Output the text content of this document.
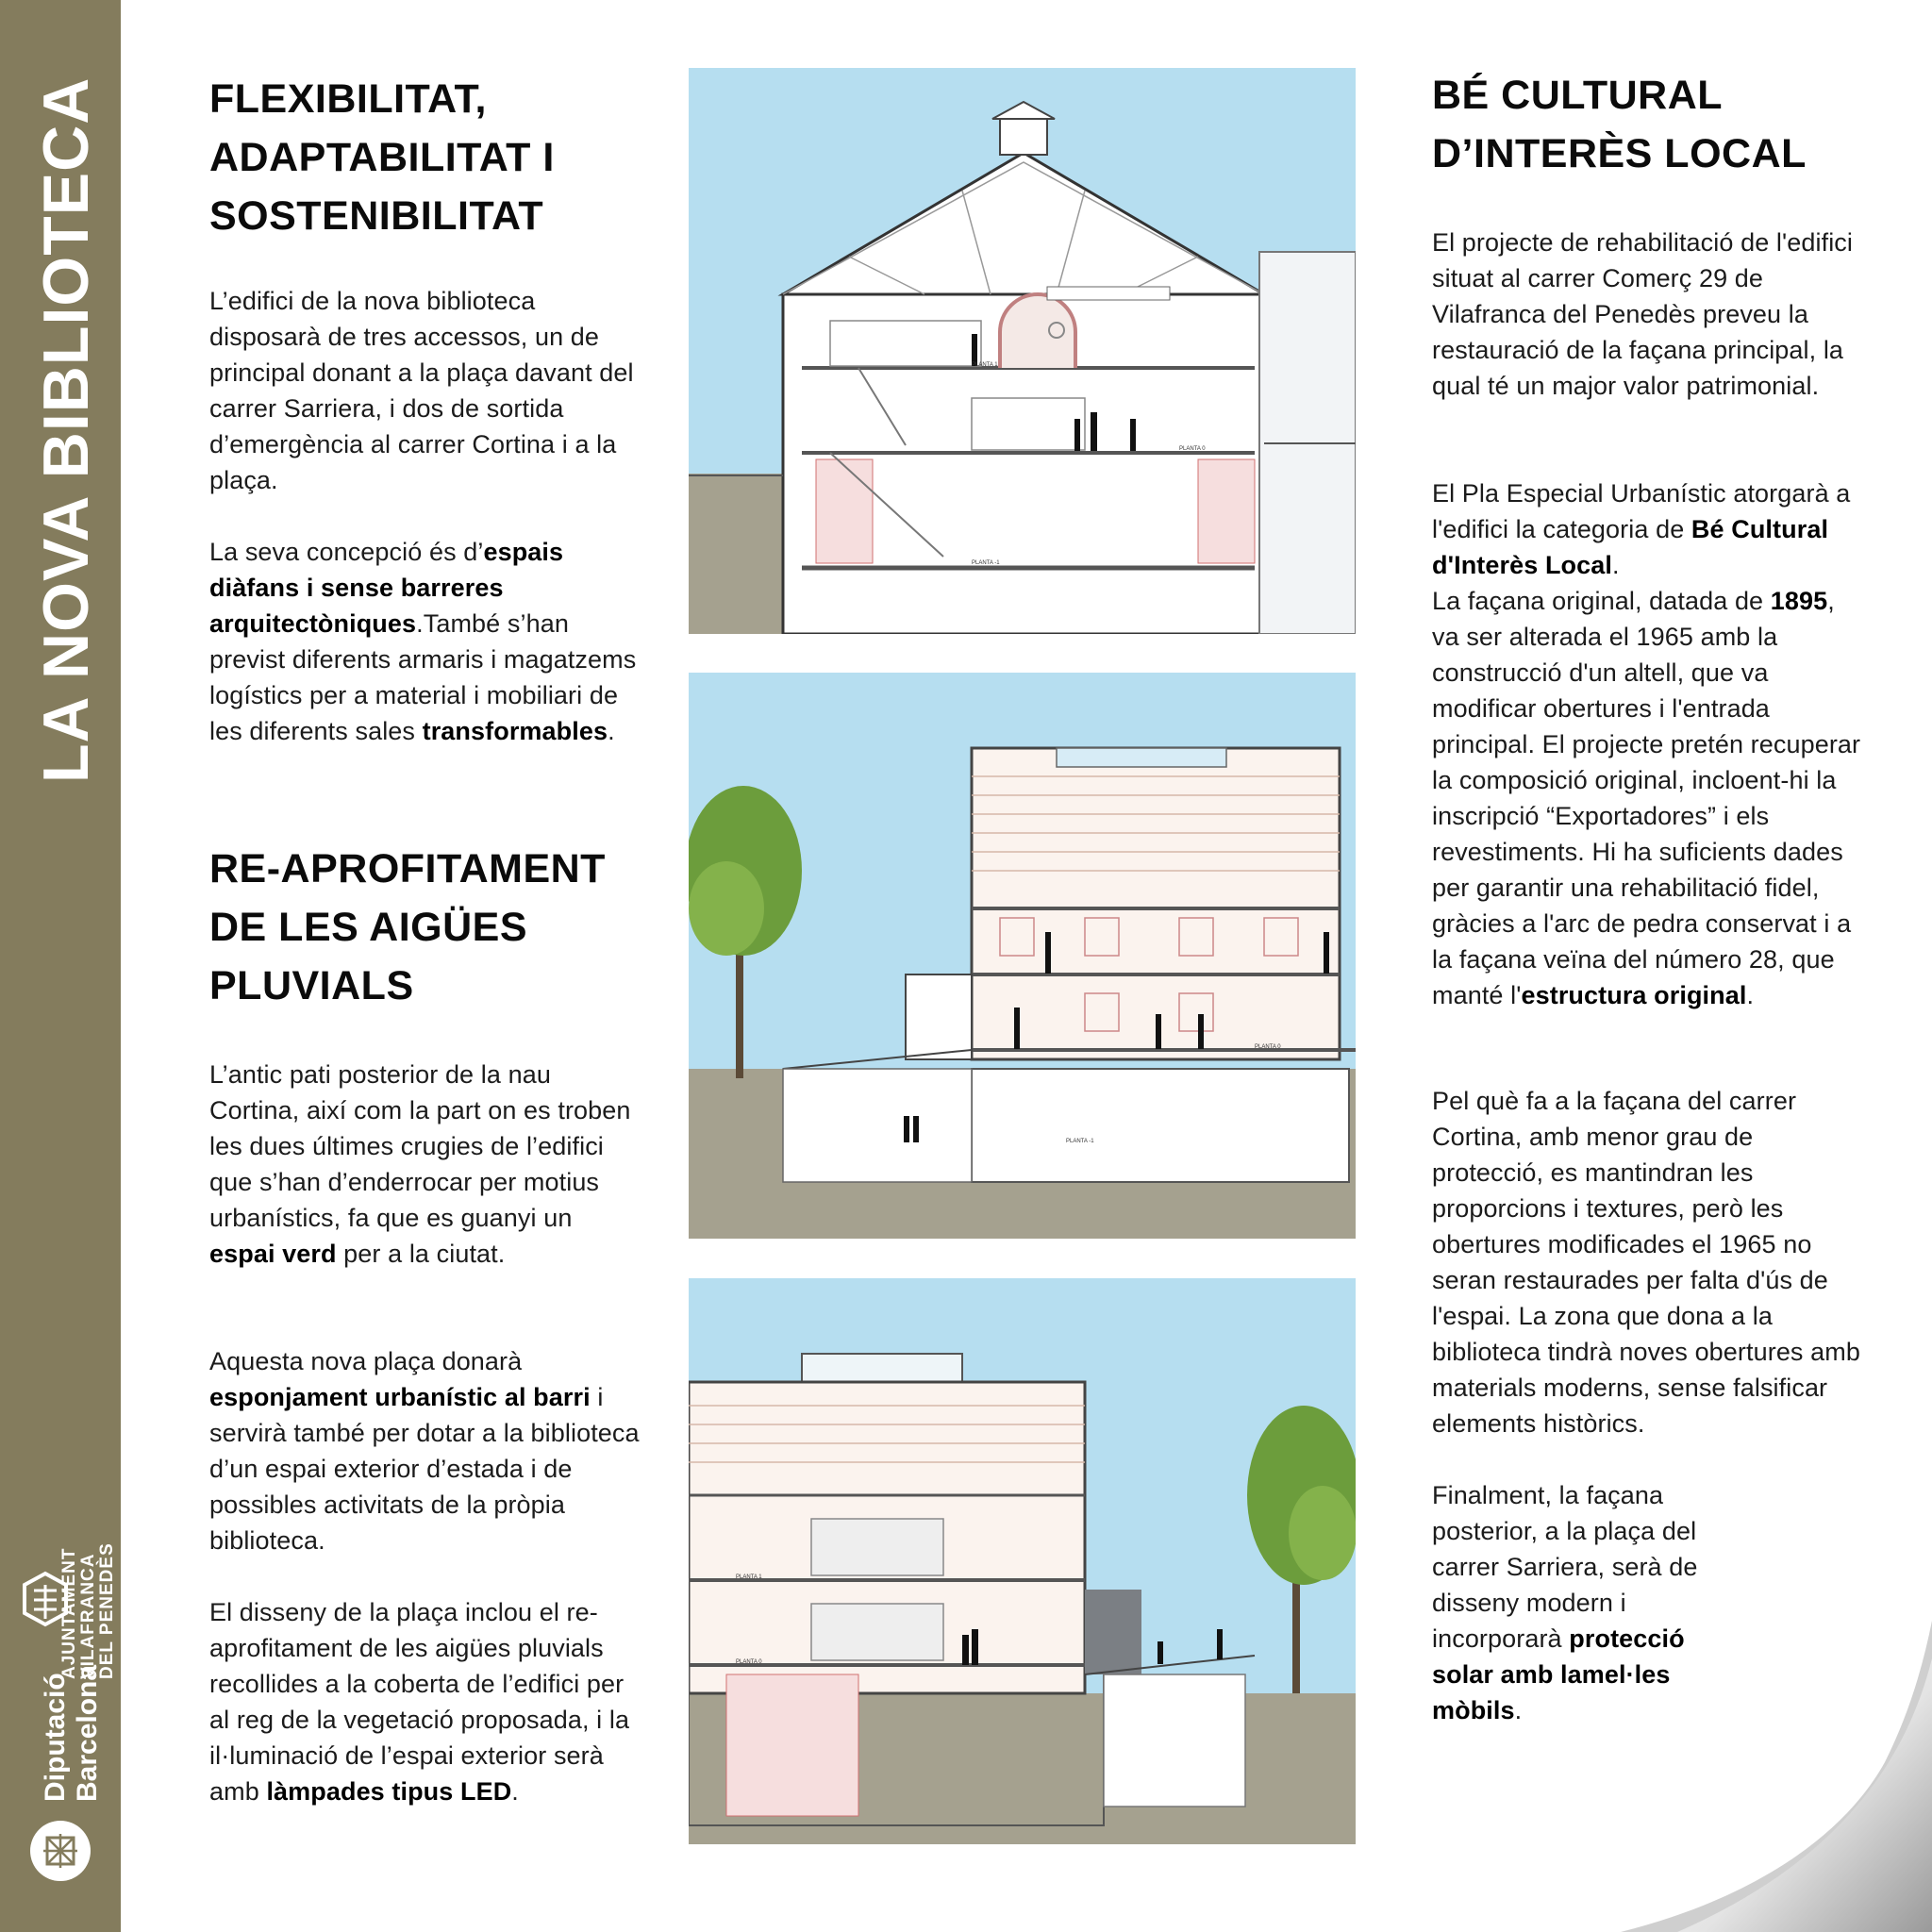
LA NOVA BIBLIOTECA
AJUNTAMENT VILAFRANCA DEL PENEDÈS
Diputació Barcelona
FLEXIBILITAT,
ADAPTABILITAT I
SOSTENIBILITAT

L’edifici de la nova biblioteca disposarà de tres accessos, un de principal donant a la plaça davant del carrer Sarriera, i dos de sortida d’emergència al carrer Cortina i a la plaça.

La seva concepció és d’espais diàfans i sense barreres arquitectòniques.També s’han previst diferents armaris i magatzems logístics per a material i mobiliari de les diferents sales transformables.

RE-APROFITAMENT
DE LES AIGÜES
PLUVIALS

L’antic pati posterior de la nau Cortina, així com la part on es troben les dues últimes crugies de l’edifici que s’han d’enderrocar per motius urbanístics, fa que es guanyi un espai verd per a la ciutat.

Aquesta nova plaça donarà esponjament urbanístic al barri i servirà també per dotar a la biblioteca d’un espai exterior d’estada i de possibles activitats de la pròpia biblioteca.

El disseny de la plaça inclou el re-aprofitament de les aigües pluvials recollides a la coberta de l’edifici per al reg de la vegetació proposada, i la il·luminació de l’espai exterior serà amb làmpades tipus LED.

PLANTA -1
PLANTA 1
PLANTA 0
PLANTA -1
PLANTA 0
PLANTA 1
PLANTA 0
BÉ CULTURAL
D’INTERÈS LOCAL

El projecte de rehabilitació de l'edifici situat al carrer Comerç 29 de Vilafranca del Penedès preveu la restauració de la façana principal, la qual té un major valor patrimonial.

El Pla Especial Urbanístic atorgarà a l'edifici la categoria de Bé Cultural d'Interès Local.
La façana original, datada de 1895, va ser alterada el 1965 amb la construcció d'un altell, que va modificar obertures i l'entrada principal. El projecte pretén recuperar la composició original, incloent-hi la inscripció “Exportadores” i els revestiments. Hi ha suficients dades per garantir una rehabilitació fidel, gràcies a l'arc de pedra conservat i a la façana veïna del número 28, que manté l'estructura original.

Pel què fa a la façana del carrer Cortina, amb menor grau de protecció, es mantindran les proporcions i textures, però les obertures modificades el 1965 no seran restaurades per falta d'ús de l'espai. La zona que dona a la biblioteca tindrà noves obertures amb materials moderns, sense falsificar elements històrics.

Finalment, la façana posterior, a la plaça del carrer Sarriera, serà de disseny modern i incorporarà protecció solar amb lamel·les mòbils.
